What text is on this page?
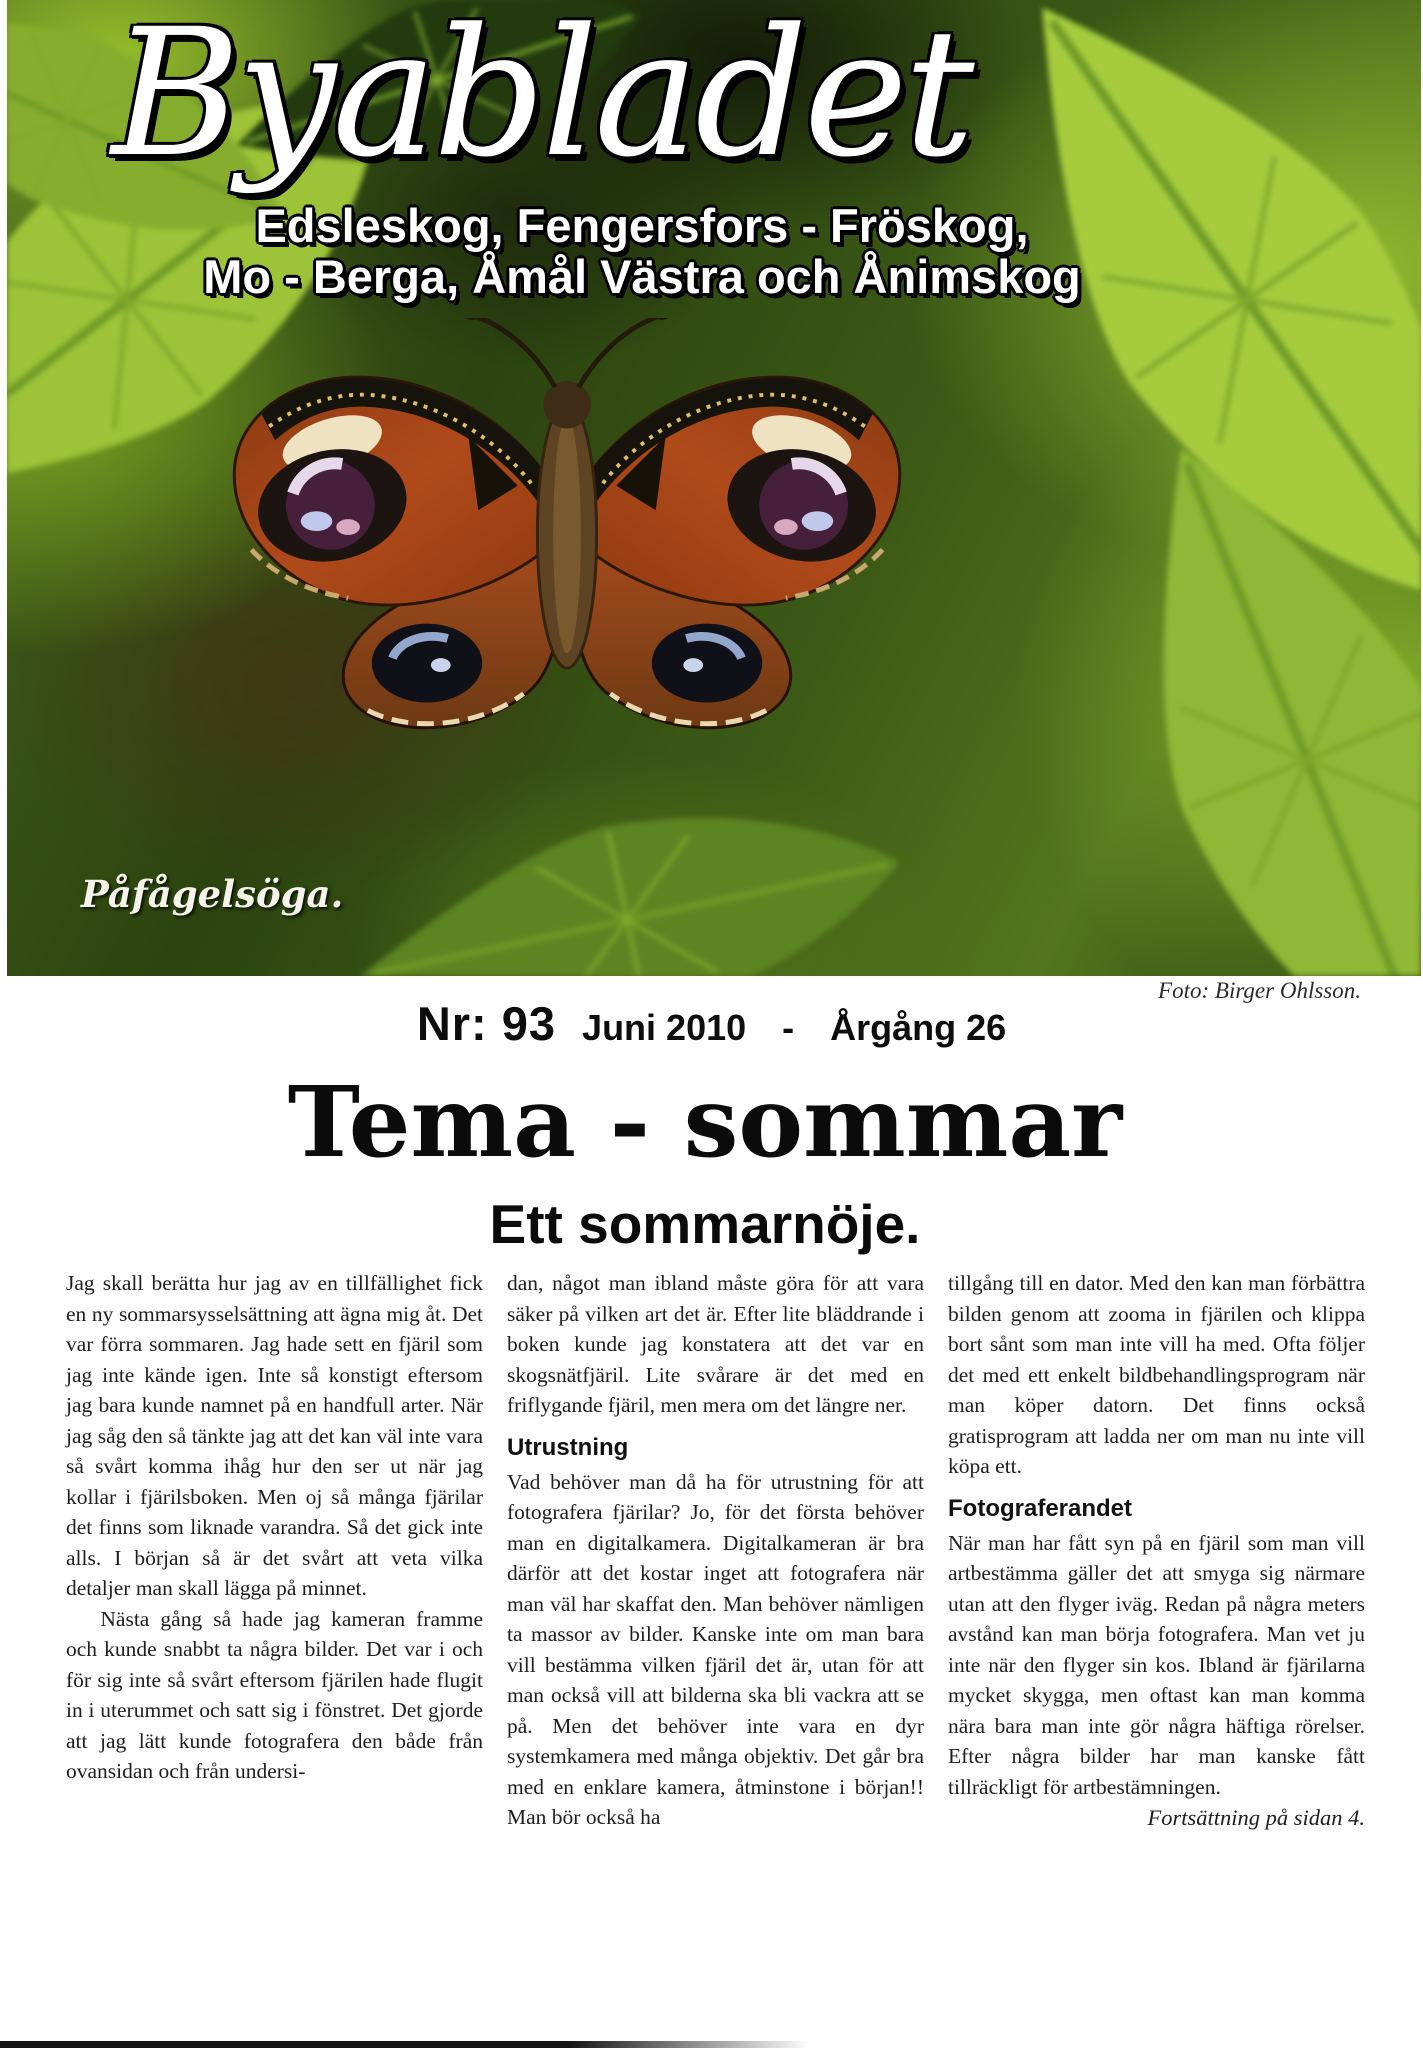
Byabladet
Edsleskog, Fengersfors - Fröskog,
Mo - Berga, Åmål Västra och Ånimskog
Påfågelsöga.
Foto: Birger Ohlsson.
Nr: 93 Juni 2010 - Årgång 26
Tema - sommar
Ett sommarnöje.

Jag skall berätta hur jag av en tillfällighet fick en ny sommarsysselsättning att ägna mig åt. Det var förra sommaren. Jag hade sett en fjäril som jag inte kände igen. Inte så konstigt eftersom jag bara kunde namnet på en handfull arter. När jag såg den så tänkte jag att det kan väl inte vara så svårt komma ihåg hur den ser ut när jag kollar i fjärilsboken. Men oj så många fjärilar det finns som liknade varandra. Så det gick inte alls. I början så är det svårt att veta vilka detaljer man skall lägga på minnet.

Nästa gång så hade jag kameran framme och kunde snabbt ta några bilder. Det var i och för sig inte så svårt eftersom fjärilen hade flugit in i uterummet och satt sig i fönstret. Det gjorde att jag lätt kunde fotografera den både från ovansidan och från undersi-

dan, något man ibland måste göra för att vara säker på vilken art det är. Efter lite bläddrande i boken kunde jag konstatera att det var en skogsnätfjäril. Lite svårare är det med en friflygande fjäril, men mera om det längre ner.

Utrustning

Vad behöver man då ha för utrustning för att fotografera fjärilar? Jo, för det första behöver man en digitalkamera. Digitalkameran är bra därför att det kostar inget att fotografera när man väl har skaffat den. Man behöver nämligen ta massor av bilder. Kanske inte om man bara vill bestämma vilken fjäril det är, utan för att man också vill att bilderna ska bli vackra att se på. Men det behöver inte vara en dyr systemkamera med många objektiv. Det går bra med en enklare kamera, åtminstone i början!! Man bör också ha

tillgång till en dator. Med den kan man förbättra bilden genom att zooma in fjärilen och klippa bort sånt som man inte vill ha med. Ofta följer det med ett enkelt bildbehandlingsprogram när man köper datorn. Det finns också gratisprogram att ladda ner om man nu inte vill köpa ett.

Fotograferandet

När man har fått syn på en fjäril som man vill artbestämma gäller det att smyga sig närmare utan att den flyger iväg. Redan på några meters avstånd kan man börja fotografera. Man vet ju inte när den flyger sin kos. Ibland är fjärilarna mycket skygga, men oftast kan man komma nära bara man inte gör några häftiga rörelser. Efter några bilder har man kanske fått tillräckligt för artbestämningen.

Fortsättning på sidan 4.
